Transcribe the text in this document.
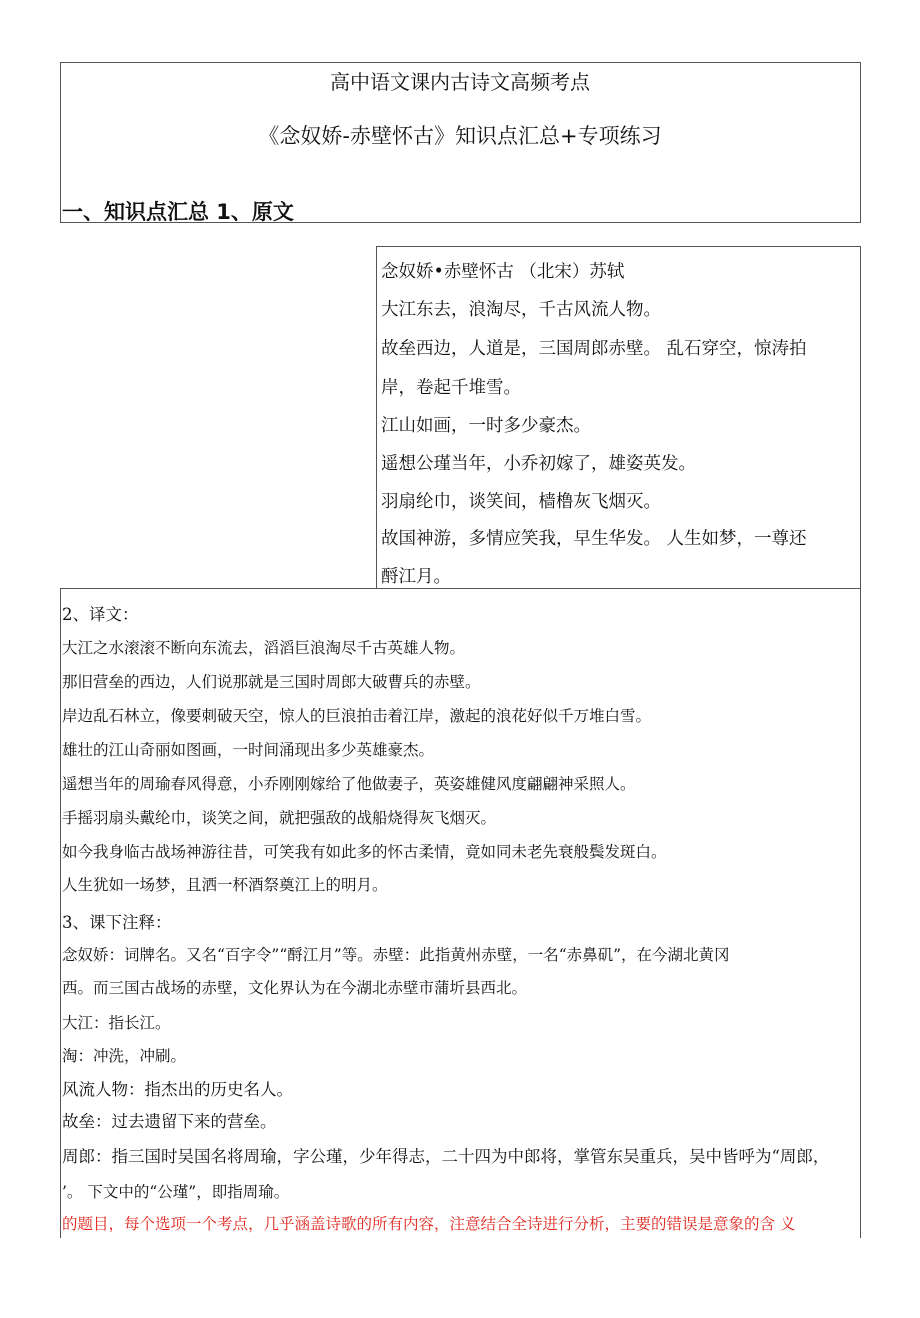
高中语文课内古诗文高频考点
《念奴娇-赤壁怀古》知识点汇总+专项练习
一、知识点汇总 1、原文
念奴娇•赤壁怀古 （北宋）苏轼
大江东去，浪淘尽，千古风流人物。
故垒西边，人道是，三国周郎赤壁。 乱石穿空，惊涛拍
岸，卷起千堆雪。
江山如画，一时多少豪杰。
遥想公瑾当年，小乔初嫁了，雄姿英发。
羽扇纶巾，谈笑间，樯橹灰飞烟灭。
故国神游，多情应笑我，早生华发。 人生如梦，一尊还
酹江月。
2、译文：
大江之水滚滚不断向东流去，滔滔巨浪淘尽千古英雄人物。
那旧营垒的西边，人们说那就是三国时周郎大破曹兵的赤壁。
岸边乱石林立，像要刺破天空，惊人的巨浪拍击着江岸，激起的浪花好似千万堆白雪。
雄壮的江山奇丽如图画，一时间涌现出多少英雄豪杰。
遥想当年的周瑜春风得意，小乔刚刚嫁给了他做妻子，英姿雄健风度翩翩神采照人。
手摇羽扇头戴纶巾，谈笑之间，就把强敌的战船烧得灰飞烟灭。
如今我身临古战场神游往昔，可笑我有如此多的怀古柔情，竟如同未老先衰般鬓发斑白。
人生犹如一场梦，且洒一杯酒祭奠江上的明月。
3、课下注释：
念奴娇：词牌名。又名“百字令”“酹江月”等。赤壁：此指黄州赤壁，一名“赤鼻矶”，在今湖北黄冈
西。而三国古战场的赤壁，文化界认为在今湖北赤壁市蒲圻县西北。
大江：指长江。
淘：冲洗，冲刷。
风流人物：指杰出的历史名人。
故垒：过去遗留下来的营垒。
周郎：指三国时吴国名将周瑜，字公瑾，少年得志，二十四为中郎将，掌管东吴重兵，吴中皆呼为“周郎，
’。 下文中的“公瑾”，即指周瑜。
的题目，每个选项一个考点，几乎涵盖诗歌的所有内容，注意结合全诗进行分析，主要的错误是意象的含 义
